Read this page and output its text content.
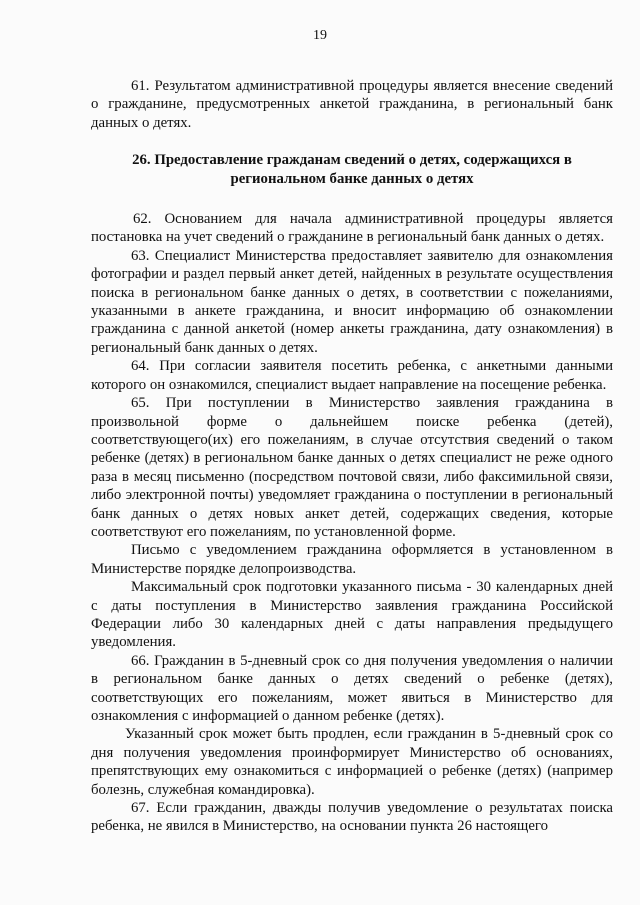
19

61. Результатом административной процедуры является внесение сведений о гражданине, предусмотренных анкетой гражданина, в региональный банк данных о детях.

26. Предоставление гражданам сведений о детях, содержащихся в региональном банке данных о детях

62. Основанием для начала административной процедуры является постановка на учет сведений о гражданине в региональный банк данных о детях.

63. Специалист Министерства предоставляет заявителю для ознакомления фотографии и раздел первый анкет детей, найденных в результате осуществления поиска в региональном банке данных о детях, в соответствии с пожеланиями, указанными в анкете гражданина, и вносит информацию об ознакомлении гражданина с данной анкетой (номер анкеты гражданина, дату ознакомления) в региональный банк данных о детях.

64. При согласии заявителя посетить ребенка, с анкетными данными которого он ознакомился, специалист выдает направление на посещение ребенка.

65. При поступлении в Министерство заявления гражданина в произвольной форме о дальнейшем поиске ребенка (детей), соответствующего(их) его пожеланиям, в случае отсутствия сведений о таком ребенке (детях) в региональном банке данных о детях специалист не реже одного раза в месяц письменно (посредством почтовой связи, либо факсимильной связи, либо электронной почты) уведомляет гражданина о поступлении в региональный банк данных о детях новых анкет детей, содержащих сведения, которые соответствуют его пожеланиям, по установленной форме.

Письмо с уведомлением гражданина оформляется в установленном в Министерстве порядке делопроизводства.

Максимальный срок подготовки указанного письма - 30 календарных дней с даты поступления в Министерство заявления гражданина Российской Федерации либо 30 календарных дней с даты направления предыдущего уведомления.

66. Гражданин в 5-дневный срок со дня получения уведомления о наличии в региональном банке данных о детях сведений о ребенке (детях), соответствующих его пожеланиям, может явиться в Министерство для ознакомления с информацией о данном ребенке (детях).

Указанный срок может быть продлен, если гражданин в 5-дневный срок со дня получения уведомления проинформирует Министерство об основаниях, препятствующих ему ознакомиться с информацией о ребенке (детях) (например болезнь, служебная командировка).

67. Если гражданин, дважды получив уведомление о результатах поиска ребенка, не явился в Министерство, на основании пункта 26 настоящего
